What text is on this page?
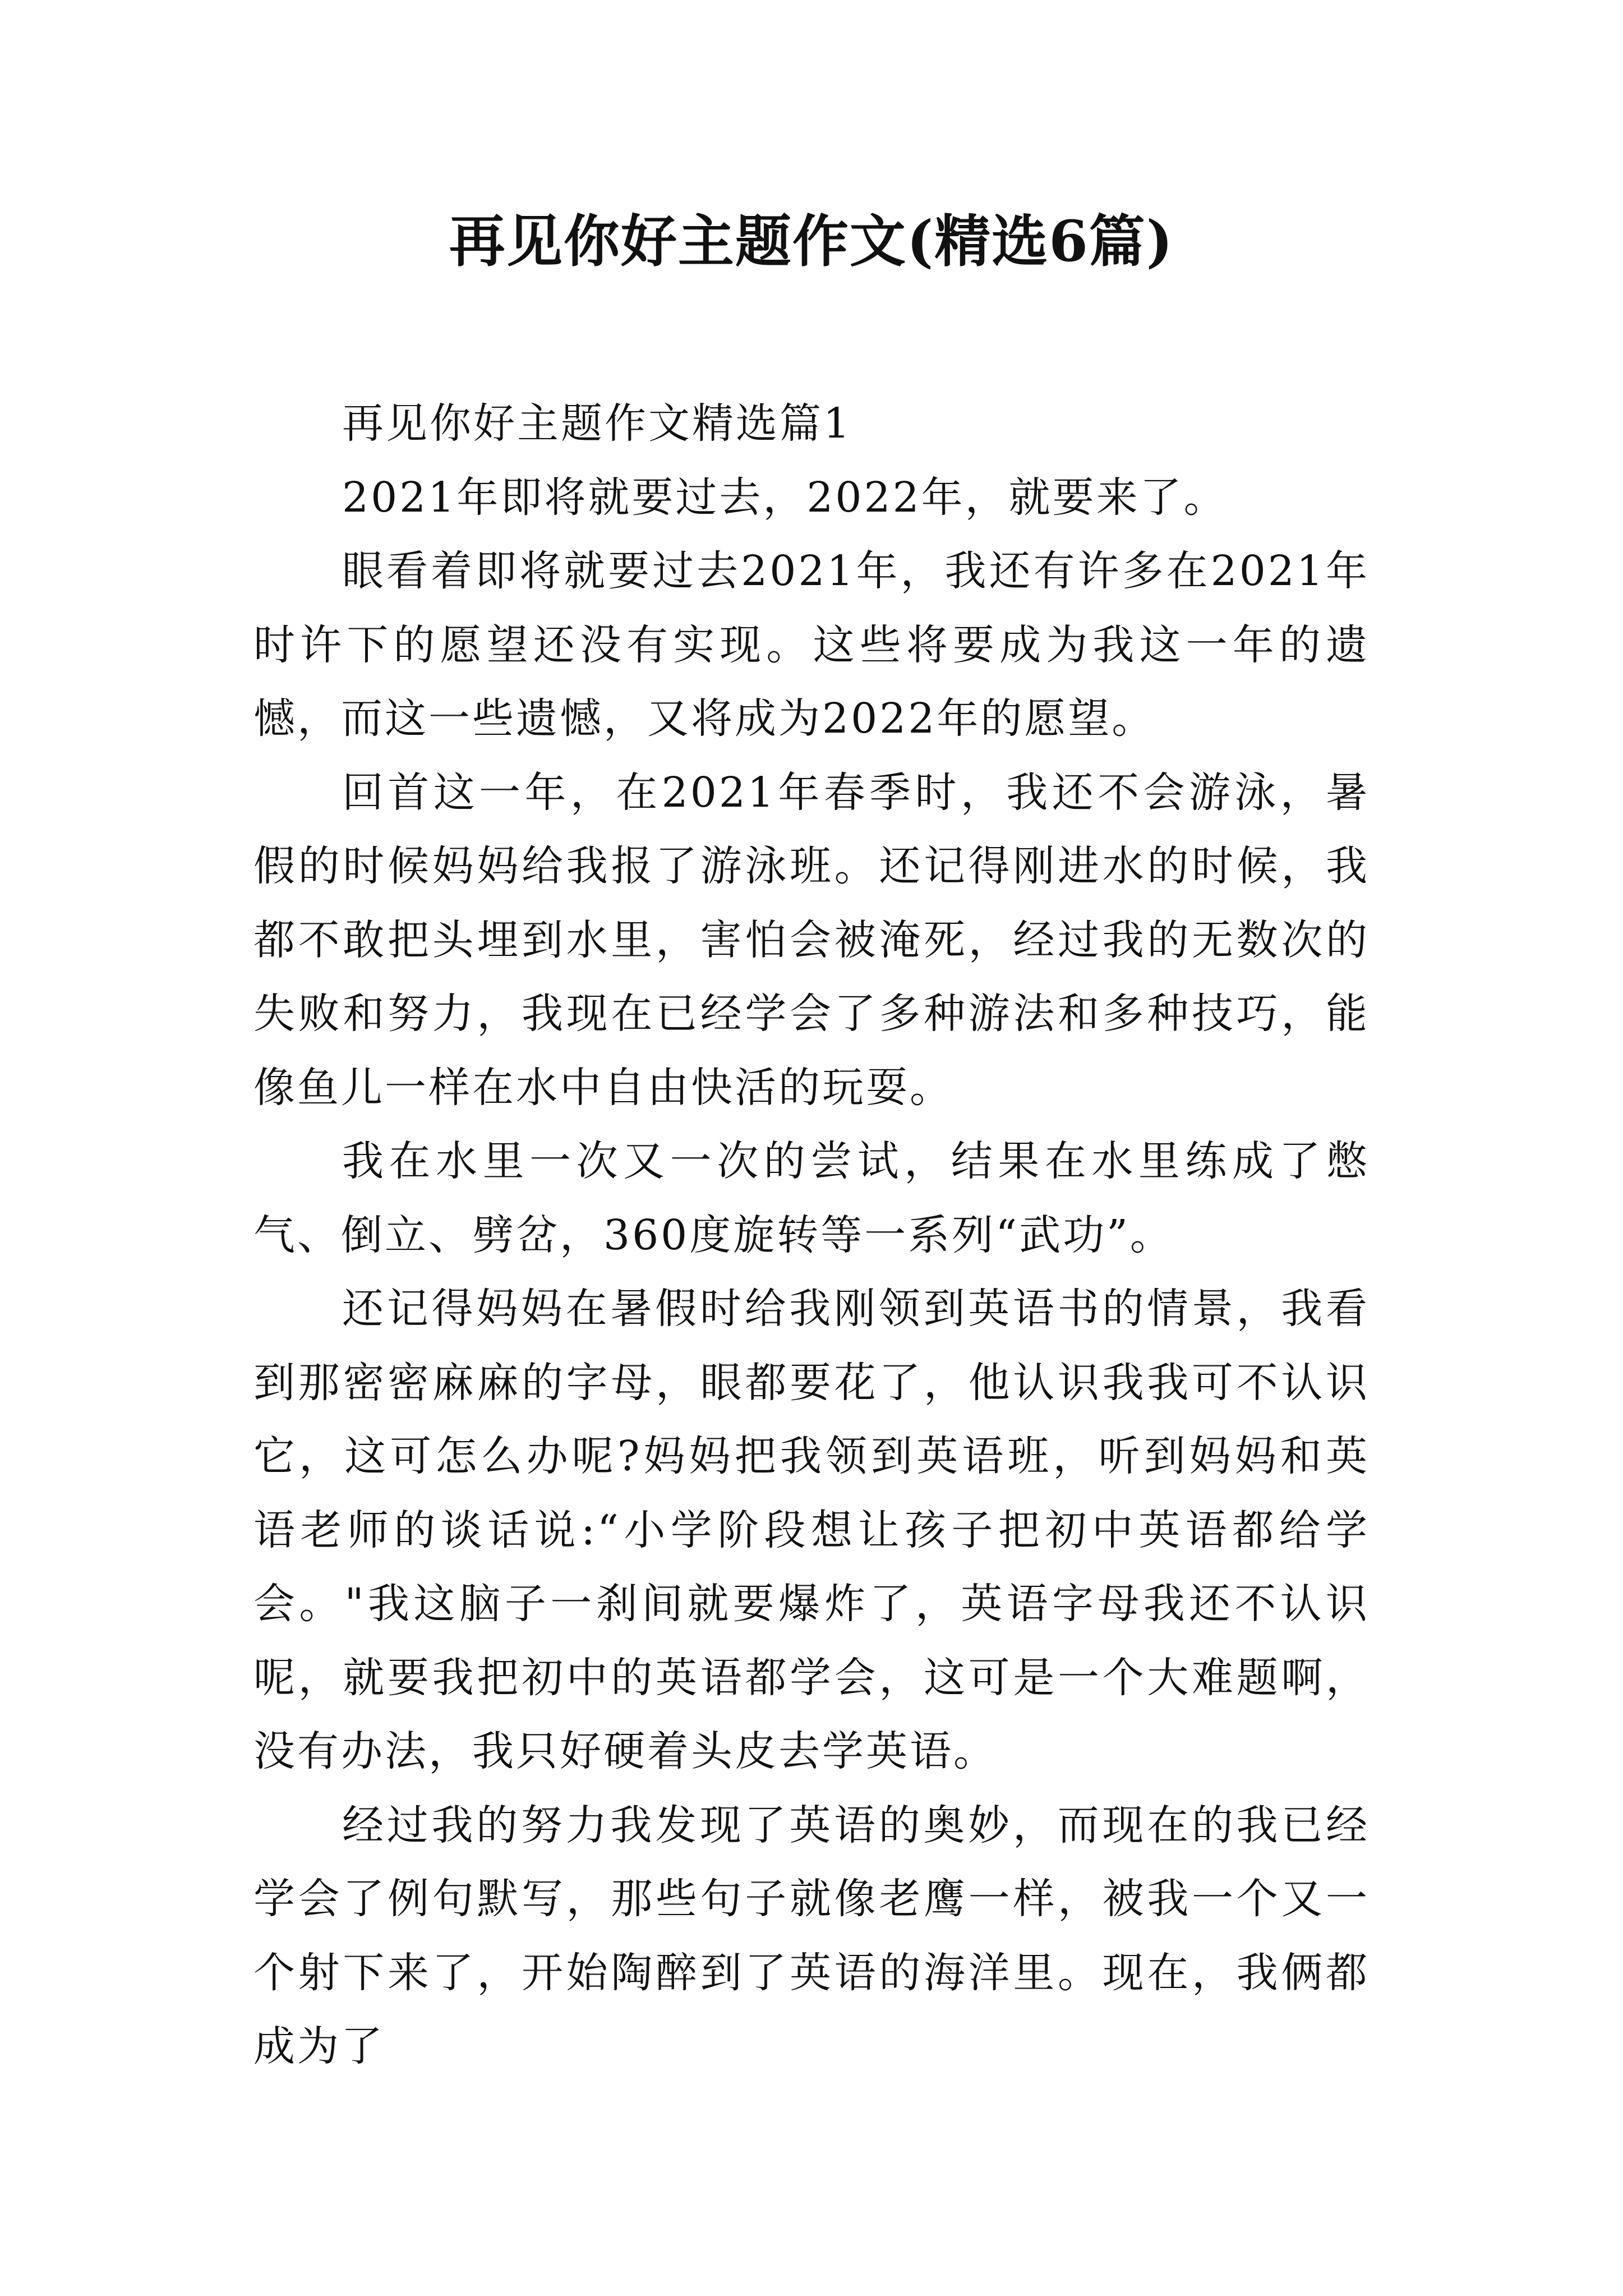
再见你好主题作文(精选6篇)

再见你好主题作文精选篇1

2021年即将就要过去，2022年，就要来了。

眼看着即将就要过去2021年，我还有许多在2021年时许下的愿望还没有实现。这些将要成为我这一年的遗憾，而这一些遗憾，又将成为2022年的愿望。

回首这一年，在2021年春季时，我还不会游泳，暑假的时候妈妈给我报了游泳班。还记得刚进水的时候，我都不敢把头埋到水里，害怕会被淹死，经过我的无数次的失败和努力，我现在已经学会了多种游法和多种技巧，能像鱼儿一样在水中自由快活的玩耍。

我在水里一次又一次的尝试，结果在水里练成了憋气、倒立、劈岔，360度旋转等一系列“武功”。

还记得妈妈在暑假时给我刚领到英语书的情景，我看到那密密麻麻的字母，眼都要花了，他认识我我可不认识它，这可怎么办呢?妈妈把我领到英语班，听到妈妈和英语老师的谈话说:“小学阶段想让孩子把初中英语都给学会。"我这脑子一刹间就要爆炸了，英语字母我还不认识呢，就要我把初中的英语都学会，这可是一个大难题啊，没有办法，我只好硬着头皮去学英语。

经过我的努力我发现了英语的奥妙，而现在的我已经学会了例句默写，那些句子就像老鹰一样，被我一个又一个射下来了，开始陶醉到了英语的海洋里。现在，我俩都成为了
